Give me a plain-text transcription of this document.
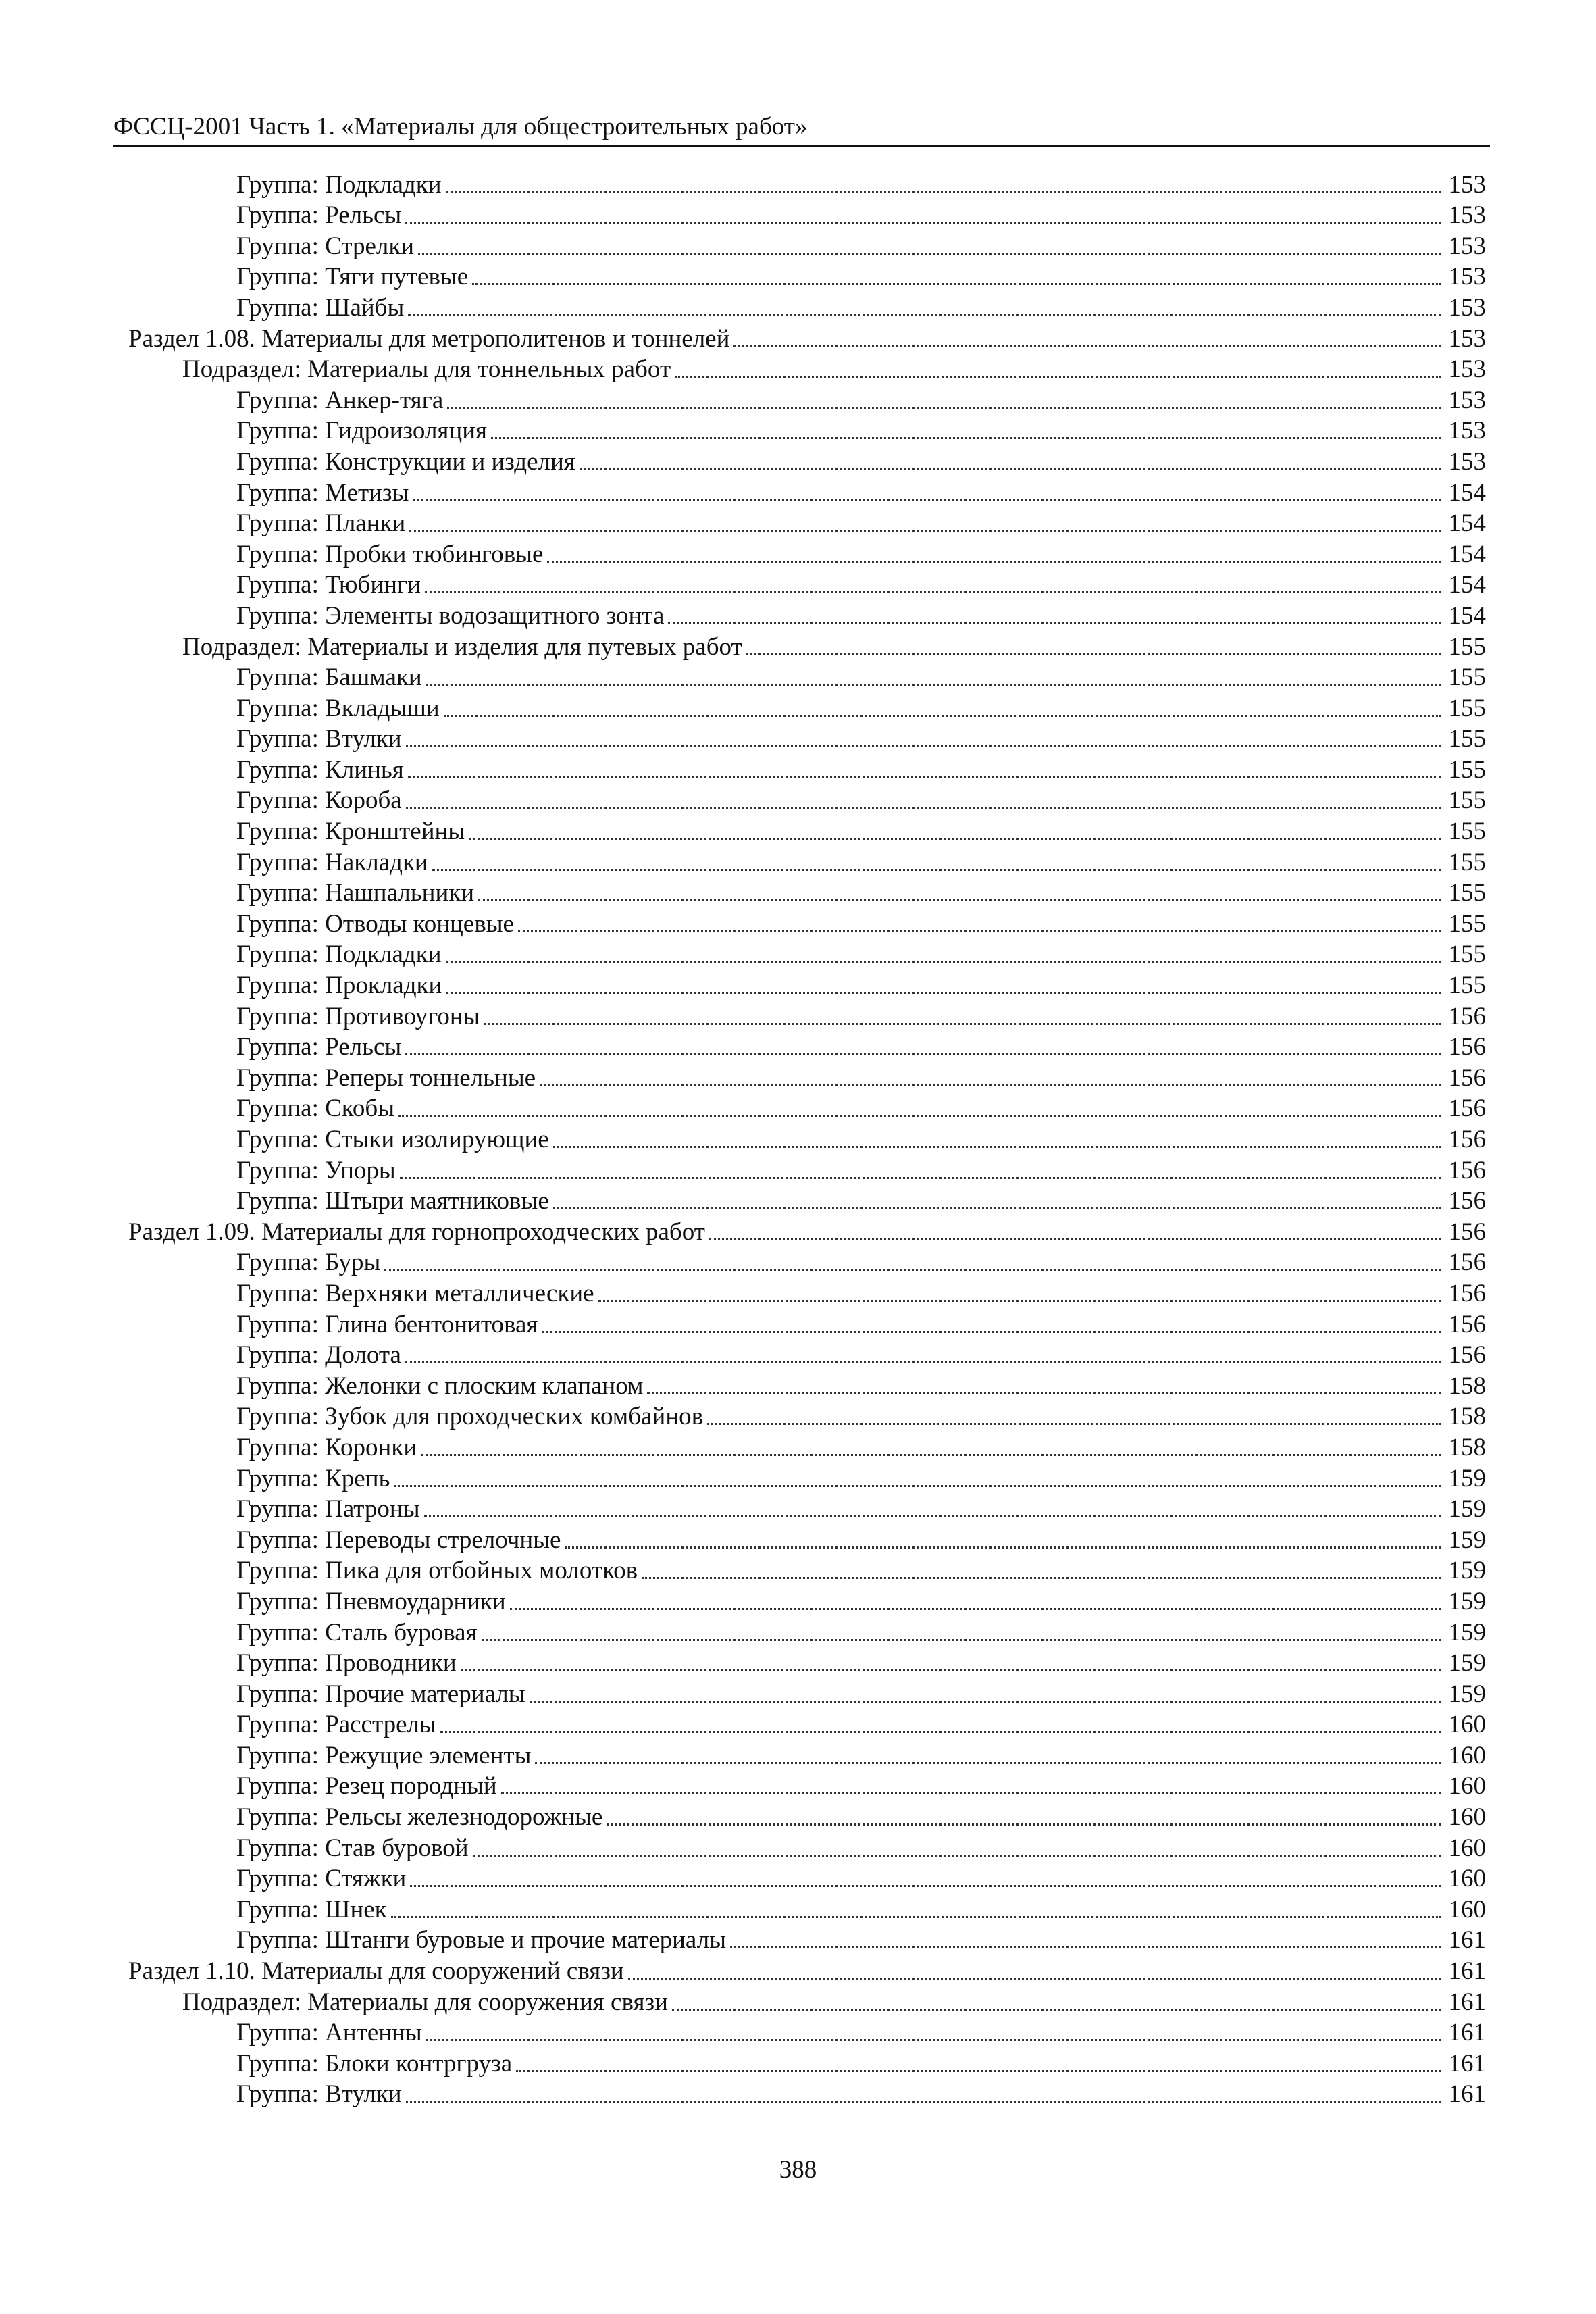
ФССЦ-2001 Часть 1. «Материалы для общестроительных работ»
Группа: Подкладки	153
Группа: Рельсы	153
Группа: Стрелки	153
Группа: Тяги путевые	153
Группа: Шайбы	153
Раздел 1.08. Материалы для метрополитенов и тоннелей	153
Подраздел: Материалы для тоннельных работ	153
Группа: Анкер-тяга	153
Группа: Гидроизоляция	153
Группа: Конструкции и изделия	153
Группа: Метизы	154
Группа: Планки	154
Группа: Пробки тюбинговые	154
Группа: Тюбинги	154
Группа: Элементы водозащитного зонта	154
Подраздел: Материалы и изделия для путевых работ	155
Группа: Башмаки	155
Группа: Вкладыши	155
Группа: Втулки	155
Группа: Клинья	155
Группа: Короба	155
Группа: Кронштейны	155
Группа: Накладки	155
Группа: Нашпальники	155
Группа: Отводы концевые	155
Группа: Подкладки	155
Группа: Прокладки	155
Группа: Противоугоны	156
Группа: Рельсы	156
Группа: Реперы тоннельные	156
Группа: Скобы	156
Группа: Стыки изолирующие	156
Группа: Упоры	156
Группа: Штыри маятниковые	156
Раздел 1.09. Материалы для горнопроходческих работ	156
Группа: Буры	156
Группа: Верхняки металлические	156
Группа: Глина бентонитовая	156
Группа: Долота	156
Группа: Желонки с плоским клапаном	158
Группа: Зубок для проходческих комбайнов	158
Группа: Коронки	158
Группа: Крепь	159
Группа: Патроны	159
Группа: Переводы стрелочные	159
Группа: Пика для отбойных молотков	159
Группа: Пневмоударники	159
Группа: Сталь буровая	159
Группа: Проводники	159
Группа: Прочие материалы	159
Группа: Расстрелы	160
Группа: Режущие элементы	160
Группа: Резец породный	160
Группа: Рельсы железнодорожные	160
Группа: Став буровой	160
Группа: Стяжки	160
Группа: Шнек	160
Группа: Штанги буровые и прочие материалы	161
Раздел 1.10. Материалы для сооружений связи	161
Подраздел: Материалы для сооружения связи	161
Группа: Антенны	161
Группа: Блоки контргруза	161
Группа: Втулки	161
388
